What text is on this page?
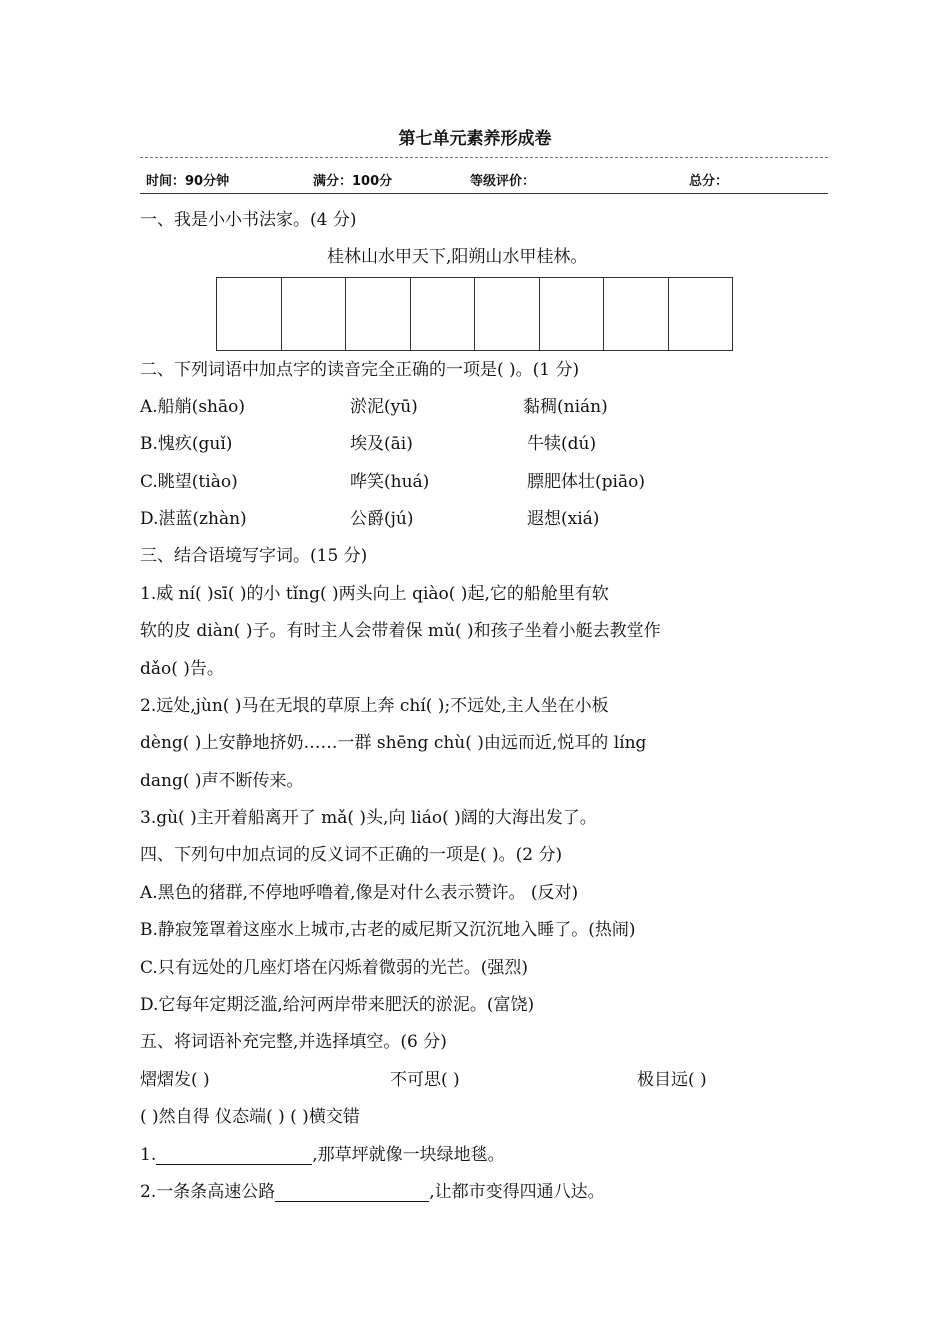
第七单元素养形成卷
时间：90分钟	满分：100分	等级评价：	总分：
一、我是小小书法家。(4 分)
桂林山水甲天下,阳朔山水甲桂林。
二、下列词语中加点字的读音完全正确的一项是( )。(1 分)
A.船艄(shāo)	淤泥(yū)	黏稠(nián)
B.愧疚(guǐ)	埃及(āi)	牛犊(dú)
C.眺望(tiào)	哗笑(huá)	膘肥体壮(piāo)
D.湛蓝(zhàn)	公爵(jú)	遐想(xiá)
三、结合语境写字词。(15 分)
1.威 ní( )sī( )的小 tǐng( )两头向上 qiào( )起,它的船舱里有软
软的皮 diàn( )子。有时主人会带着保 mǔ( )和孩子坐着小艇去教堂作
dǎo( )告。
2.远处,jùn( )马在无垠的草原上奔 chí( );不远处,主人坐在小板
dèng( )上安静地挤奶……一群 shēng chù( )由远而近,悦耳的 líng
dang( )声不断传来。
3.gù( )主开着船离开了 mǎ( )头,向 liáo( )阔的大海出发了。
四、下列句中加点词的反义词不正确的一项是( )。(2 分)
A.黑色的猪群,不停地呼噜着,像是对什么表示赞许。 (反对)
B.静寂笼罩着这座水上城市,古老的威尼斯又沉沉地入睡了。(热闹)
C.只有远处的几座灯塔在闪烁着微弱的光芒。(强烈)
D.它每年定期泛滥,给河两岸带来肥沃的淤泥。(富饶)
五、将词语补充完整,并选择填空。(6 分)
熠熠发( )	不可思( )	极目远( )
( )然自得 仪态端( ) ( )横交错
1.	,那草坪就像一块绿地毯。
2.一条条高速公路	,让都市变得四通八达。
